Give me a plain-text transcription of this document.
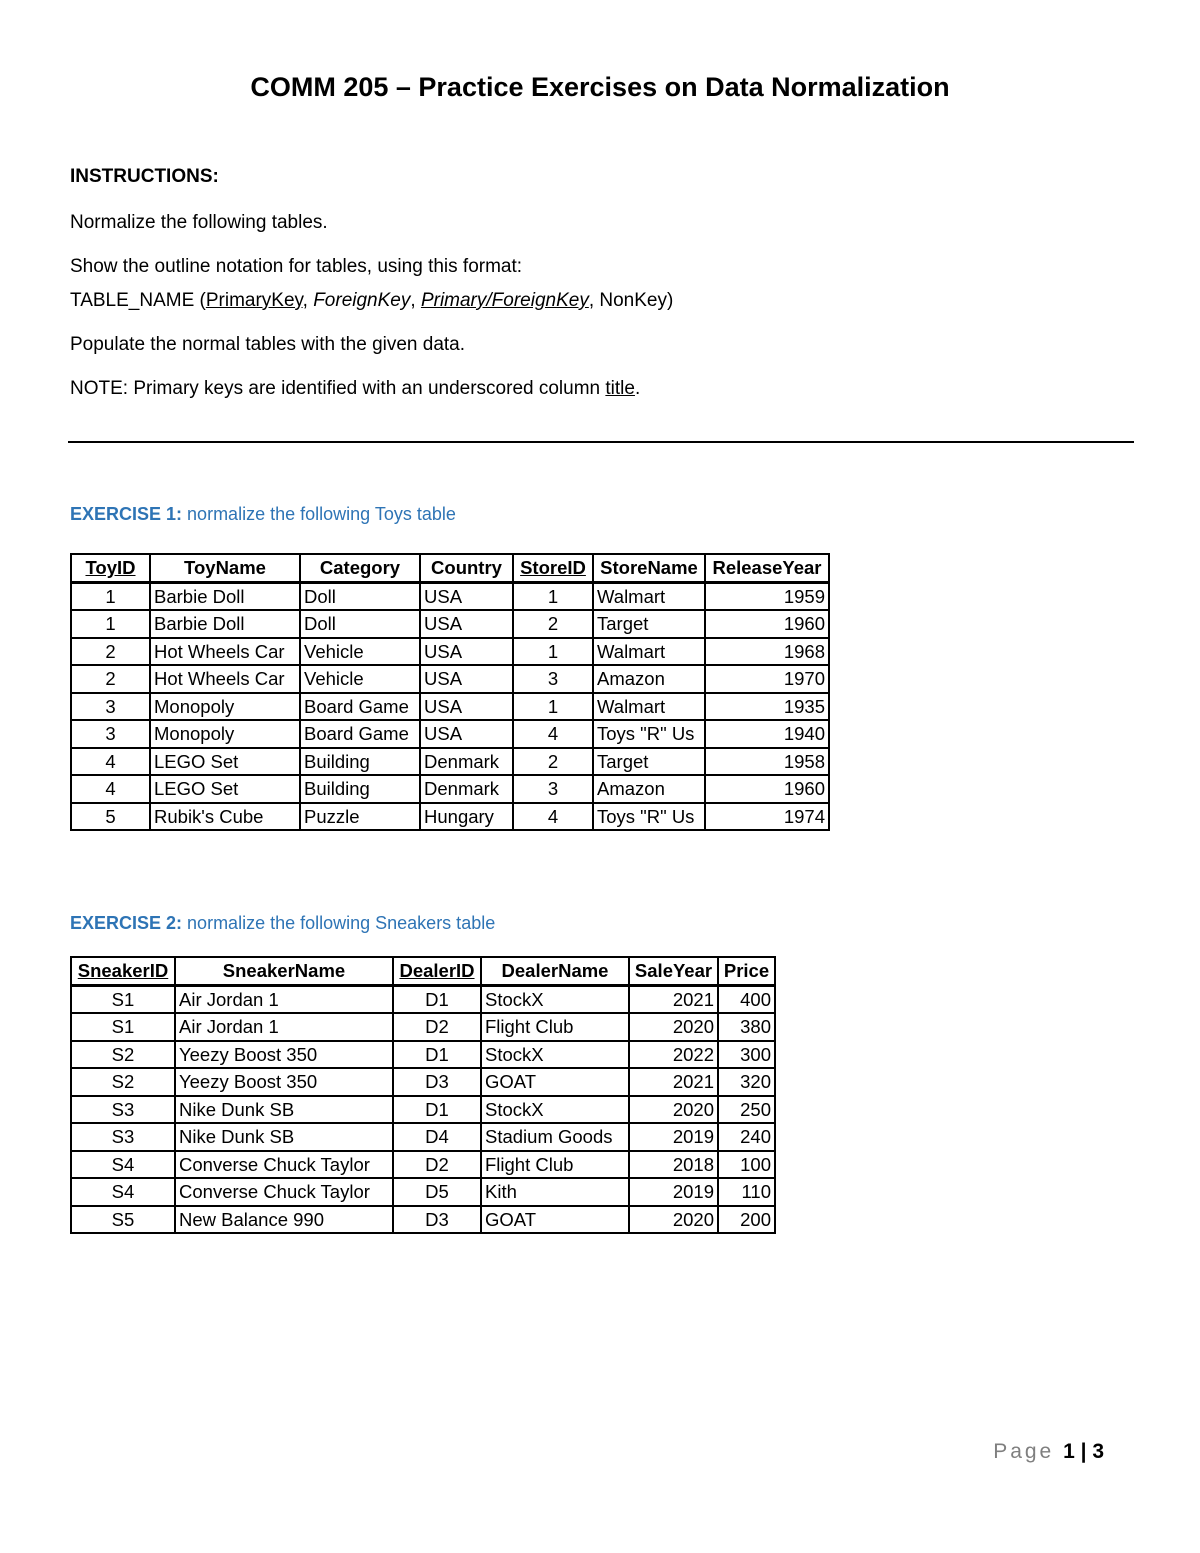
COMM 205 – Practice Exercises on Data Normalization

INSTRUCTIONS:

Normalize the following tables.

Show the outline notation for tables, using this format:

TABLE_NAME (PrimaryKey, ForeignKey, Primary/ForeignKey, NonKey)

Populate the normal tables with the given data.

NOTE: Primary keys are identified with an underscored column title.

EXERCISE 1: normalize the following Toys table
ToyID	ToyName	Category	Country	StoreID	StoreName	ReleaseYear
1	Barbie Doll	Doll	USA	1	Walmart	1959
1	Barbie Doll	Doll	USA	2	Target	1960
2	Hot Wheels Car	Vehicle	USA	1	Walmart	1968
2	Hot Wheels Car	Vehicle	USA	3	Amazon	1970
3	Monopoly	Board Game	USA	1	Walmart	1935
3	Monopoly	Board Game	USA	4	Toys "R" Us	1940
4	LEGO Set	Building	Denmark	2	Target	1958
4	LEGO Set	Building	Denmark	3	Amazon	1960
5	Rubik's Cube	Puzzle	Hungary	4	Toys "R" Us	1974
EXERCISE 2: normalize the following Sneakers table
SneakerID	SneakerName	DealerID	DealerName	SaleYear	Price
S1	Air Jordan 1	D1	StockX	2021	400
S1	Air Jordan 1	D2	Flight Club	2020	380
S2	Yeezy Boost 350	D1	StockX	2022	300
S2	Yeezy Boost 350	D3	GOAT	2021	320
S3	Nike Dunk SB	D1	StockX	2020	250
S3	Nike Dunk SB	D4	Stadium Goods	2019	240
S4	Converse Chuck Taylor	D2	Flight Club	2018	100
S4	Converse Chuck Taylor	D5	Kith	2019	110
S5	New Balance 990	D3	GOAT	2020	200
Page 1 | 3
